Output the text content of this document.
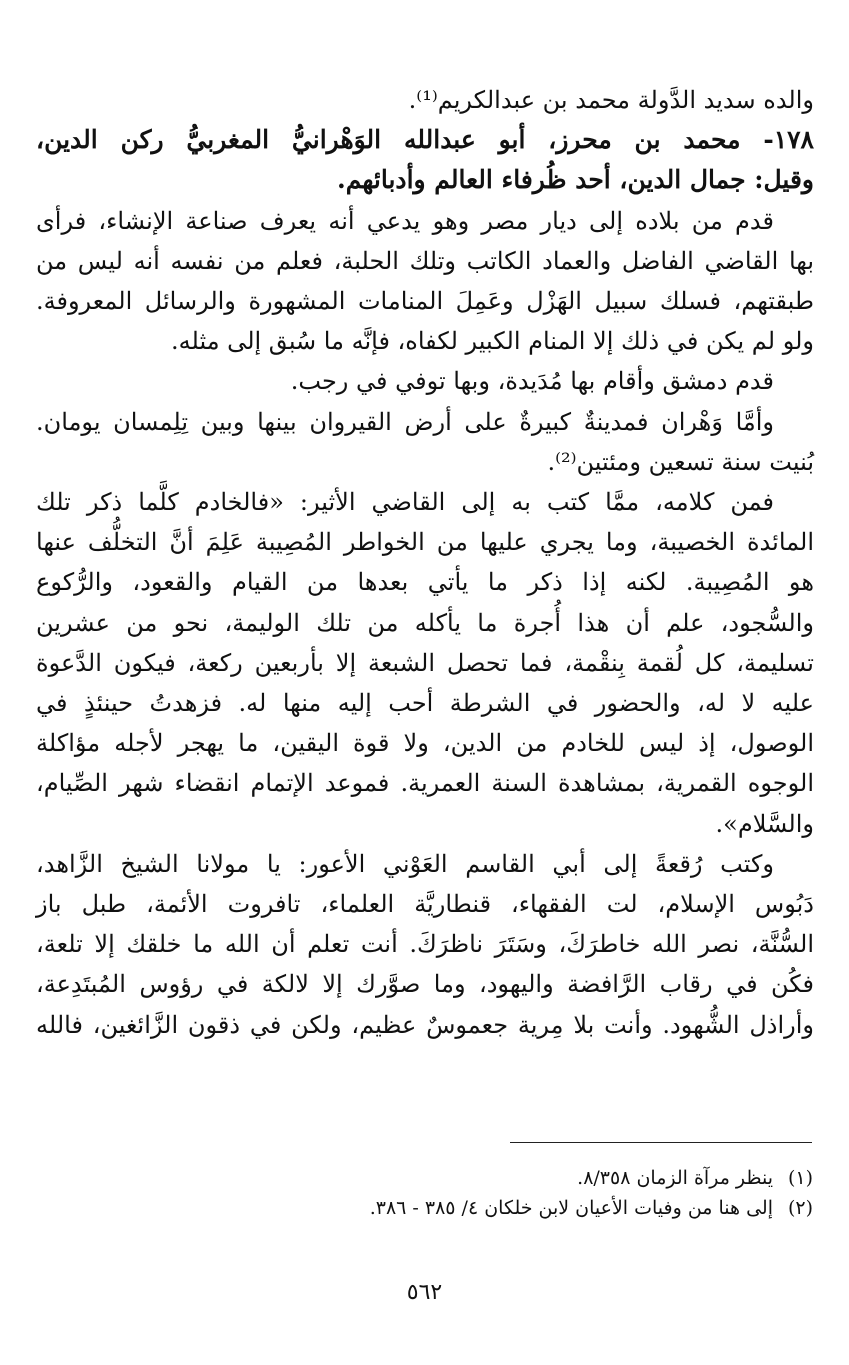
والده سديد الدَّولة محمد بن عبدالكريم⁽¹⁾.

١٧٨- محمد بن محرز، أبو عبدالله الوَهْرانيُّ المغربيُّ ركن الدين،

وقيل: جمال الدين، أحد ظُرفاء العالم وأدبائهم.

قدم من بلاده إلى ديار مصر وهو يدعي أنه يعرف صناعة الإنشاء، فرأى

بها القاضي الفاضل والعماد الكاتب وتلك الحلبة، فعلم من نفسه أنه ليس من

طبقتهم، فسلك سبيل الهَزْل وعَمِلَ المنامات المشهورة والرسائل المعروفة.

ولو لم يكن في ذلك إلا المنام الكبير لكفاه، فإنَّه ما سُبق إلى مثله.

قدم دمشق وأقام بها مُدَيدة، وبها توفي في رجب.

وأمَّا وَهْران فمدينةٌ كبيرةٌ على أرض القيروان بينها وبين تِلِمسان يومان.

بُنيت سنة تسعين ومئتين⁽²⁾.

فمن كلامه، ممَّا كتب به إلى القاضي الأثير: «فالخادم كلَّما ذكر تلك

المائدة الخصيبة، وما يجري عليها من الخواطر المُصِيبة عَلِمَ أنَّ التخلُّف عنها

هو المُصِيبة. لكنه إذا ذكر ما يأتي بعدها من القيام والقعود، والرُّكوع

والسُّجود، علم أن هذا أُجرة ما يأكله من تلك الوليمة، نحو من عشرين

تسليمة، كل لُقمة بِنقْمة، فما تحصل الشبعة إلا بأربعين ركعة، فيكون الدَّعوة

عليه لا له، والحضور في الشرطة أحب إليه منها له. فزهدتُ حينئذٍ في

الوصول، إذ ليس للخادم من الدين، ولا قوة اليقين، ما يهجر لأجله مؤاكلة

الوجوه القمرية، بمشاهدة السنة العمرية. فموعد الإتمام انقضاء شهر الصِّيام،

والسَّلام».

وكتب رُقعةً إلى أبي القاسم العَوْني الأعور: يا مولانا الشيخ الزَّاهد،

دَبُوس الإسلام، لت الفقهاء، قنطاريَّة العلماء، تافروت الأئمة، طبل باز

السُّنَّة، نصر الله خاطرَكَ، وسَتَرَ ناظرَكَ. أنت تعلم أن الله ما خلقك إلا تلعة،

فكُن في رقاب الرَّافضة واليهود، وما صوَّرك إلا لالكة في رؤوس المُبتَدِعة،

وأراذل الشُّهود. وأنت بلا مِرية جعموسٌ عظيم، ولكن في ذقون الزَّائغين، فالله

(١)ينظر مرآة الزمان ٨/٣٥٨.
(٢)إلى هنا من وفيات الأعيان لابن خلكان ٤/ ٣٨٥ - ٣٨٦.
٥٦٢
